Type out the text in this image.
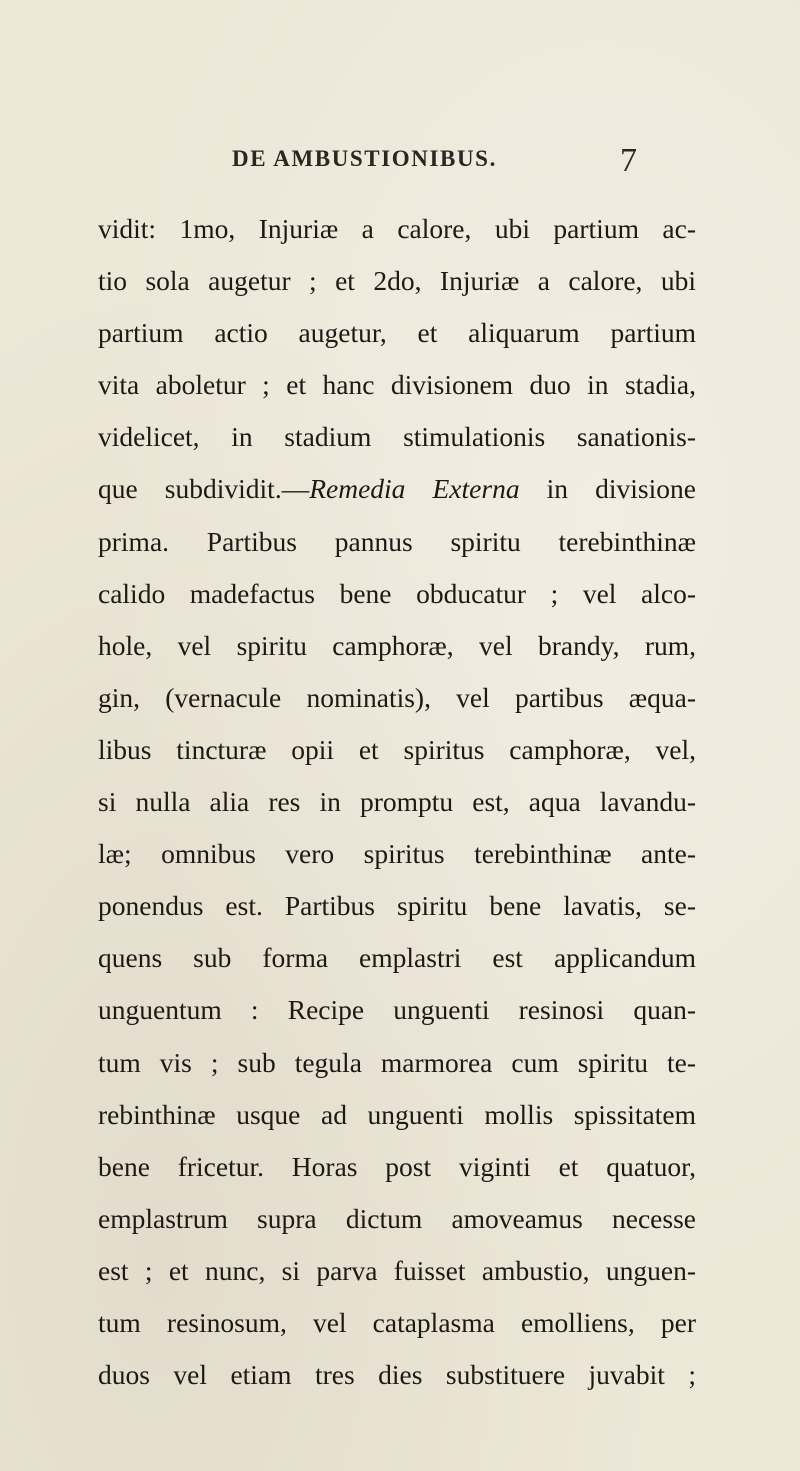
DE AMBUSTIONIBUS.	7
vidit: 1mo, Injuriæ a calore, ubi partium ac-
tio sola augetur ; et 2do, Injuriæ a calore, ubi
partium actio augetur, et aliquarum partium
vita aboletur ; et hanc divisionem duo in stadia,
videlicet, in stadium stimulationis sanationis-
que subdividit.—Remedia Externa in divisione
prima. Partibus pannus spiritu terebinthinæ
calido madefactus bene obducatur ; vel alco-
hole, vel spiritu camphoræ, vel brandy, rum,
gin, (vernacule nominatis), vel partibus æqua-
libus tincturæ opii et spiritus camphoræ, vel,
si nulla alia res in promptu est, aqua lavandu-
læ; omnibus vero spiritus terebinthinæ ante-
ponendus est. Partibus spiritu bene lavatis, se-
quens sub forma emplastri est applicandum
unguentum : Recipe unguenti resinosi quan-
tum vis ; sub tegula marmorea cum spiritu te-
rebinthinæ usque ad unguenti mollis spissitatem
bene fricetur. Horas post viginti et quatuor,
emplastrum supra dictum amoveamus necesse
est ; et nunc, si parva fuisset ambustio, unguen-
tum resinosum, vel cataplasma emolliens, per
duos vel etiam tres dies substituere juvabit ;
